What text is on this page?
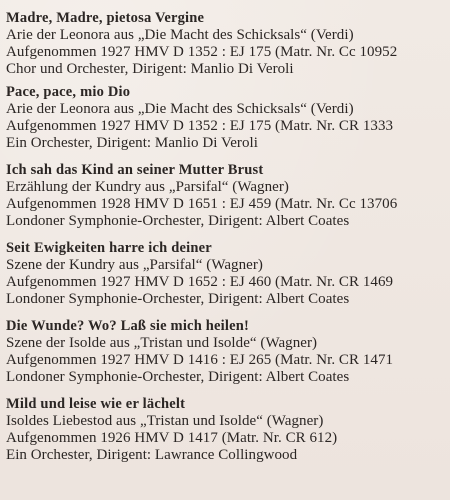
Madre, Madre, pietosa Vergine
Arie der Leonora aus „Die Macht des Schicksals“ (Verdi)
Aufgenommen 1927 HMV D 1352 : EJ 175 (Matr. Nr. Cc 10952
Chor und Orchester, Dirigent: Manlio Di Veroli
Pace, pace, mio Dio
Arie der Leonora aus „Die Macht des Schicksals“ (Verdi)
Aufgenommen 1927 HMV D 1352 : EJ 175 (Matr. Nr. CR 1333
Ein Orchester, Dirigent: Manlio Di Veroli
Ich sah das Kind an seiner Mutter Brust
Erzählung der Kundry aus „Parsifal“ (Wagner)
Aufgenommen 1928 HMV D 1651 : EJ 459 (Matr. Nr. Cc 13706
Londoner Symphonie-Orchester, Dirigent: Albert Coates
Seit Ewigkeiten harre ich deiner
Szene der Kundry aus „Parsifal“ (Wagner)
Aufgenommen 1927 HMV D 1652 : EJ 460 (Matr. Nr. CR 1469
Londoner Symphonie-Orchester, Dirigent: Albert Coates
Die Wunde? Wo? Laß sie mich heilen!
Szene der Isolde aus „Tristan und Isolde“ (Wagner)
Aufgenommen 1927 HMV D 1416 : EJ 265 (Matr. Nr. CR 1471
Londoner Symphonie-Orchester, Dirigent: Albert Coates
Mild und leise wie er lächelt
Isoldes Liebestod aus „Tristan und Isolde“ (Wagner)
Aufgenommen 1926 HMV D 1417 (Matr. Nr. CR 612)
Ein Orchester, Dirigent: Lawrance Collingwood
